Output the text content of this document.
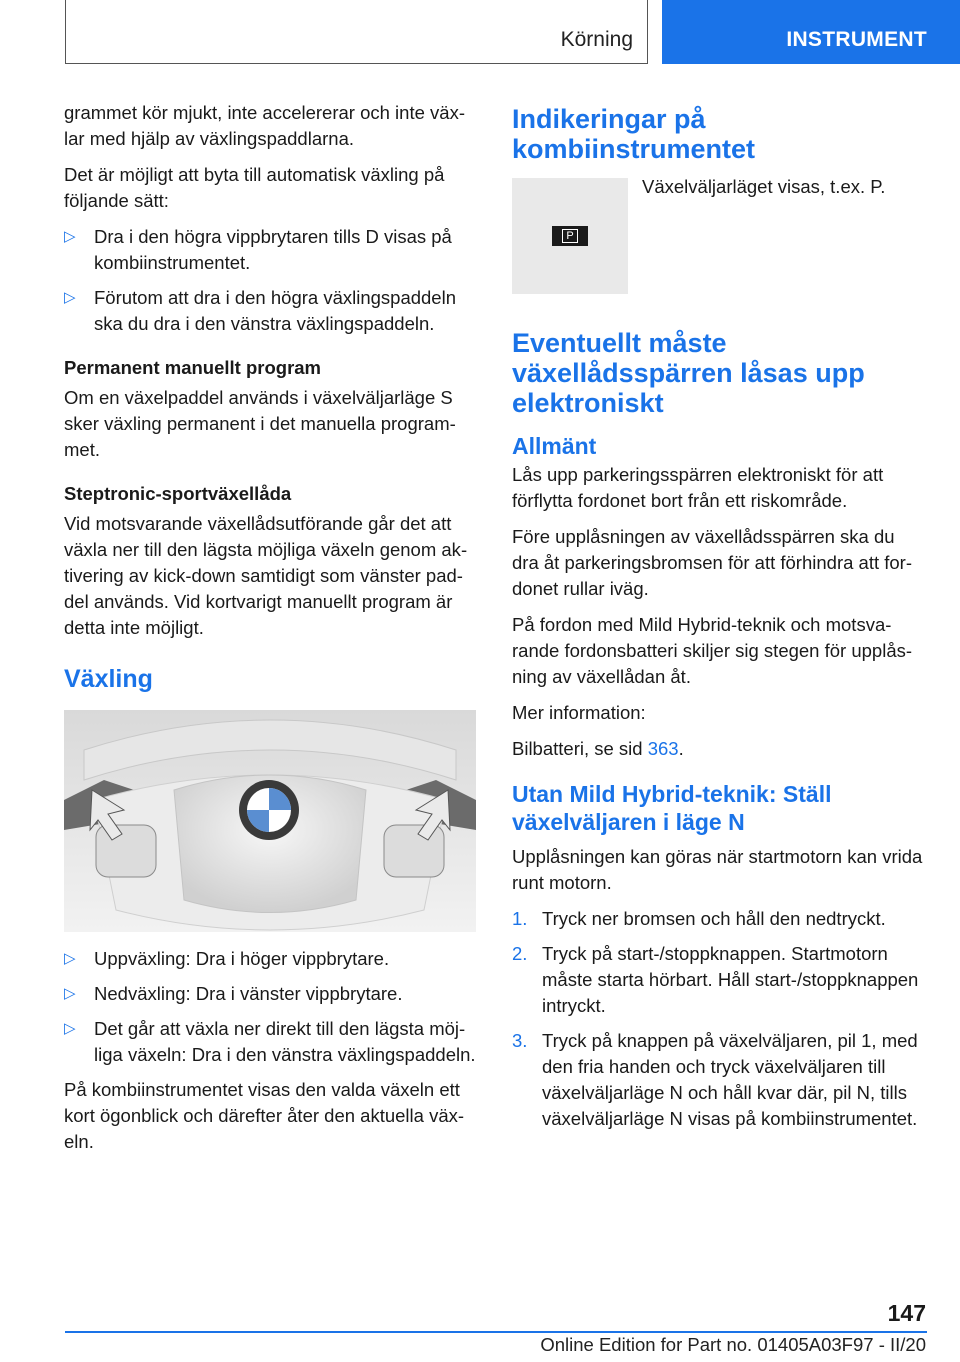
Körning	INSTRUMENT

grammet kör mjukt, inte accelererar och inte växlar med hjälp av växlingspaddlarna.

Det är möjligt att byta till automatisk växling på följande sätt:

▷ Dra i den högra vippbrytaren tills D visas på kombiinstrumentet.
▷ Förutom att dra i den högra växlingspaddeln ska du dra i den vänstra växlingspaddeln.
Permanent manuellt program

Om en växelpaddel används i växelväljarläge S sker växling permanent i det manuella programmet.

Steptronic-sportväxellåda

Vid motsvarande växellådsutförande går det att växla ner till den lägsta möjliga växeln genom aktivering av kick-down samtidigt som vänster paddel används. Vid kortvarigt manuellt program är detta inte möjligt.

Växling
▷ Uppväxling: Dra i höger vippbrytare.
▷ Nedväxling: Dra i vänster vippbrytare.
▷ Det går att växla ner direkt till den lägsta möjliga växeln: Dra i den vänstra växlingspaddeln.

På kombiinstrumentet visas den valda växeln ett kort ögonblick och därefter åter den aktuella växeln.

Indikeringar på kombiinstrumentet
P

Växelväljarläget visas, t.ex. P.

Eventuellt måste växellådsspärren låsas upp elektroniskt
Allmänt

Lås upp parkeringsspärren elektroniskt för att förflytta fordonet bort från ett riskområde.

Före upplåsningen av växellådsspärren ska du dra åt parkeringsbromsen för att förhindra att fordonet rullar iväg.

På fordon med Mild Hybrid-teknik och motsvarande fordonsbatteri skiljer sig stegen för upplåsning av växellådan åt.

Mer information:

Bilbatteri, se sid 363.

Utan Mild Hybrid-teknik: Ställ växelväljaren i läge N

Upplåsningen kan göras när startmotorn kan vrida runt motorn.

1. Tryck ner bromsen och håll den nedtryckt.
2. Tryck på start-/stoppknappen. Startmotorn måste starta hörbart. Håll start-/stoppknappen intryckt.
3. Tryck på knappen på växelväljaren, pil 1, med den fria handen och tryck växelväljaren till växelväljarläge N och håll kvar där, pil N, tills växelväljarläge N visas på kombiinstrumentet.
147
Online Edition for Part no. 01405A03F97 - II/20
